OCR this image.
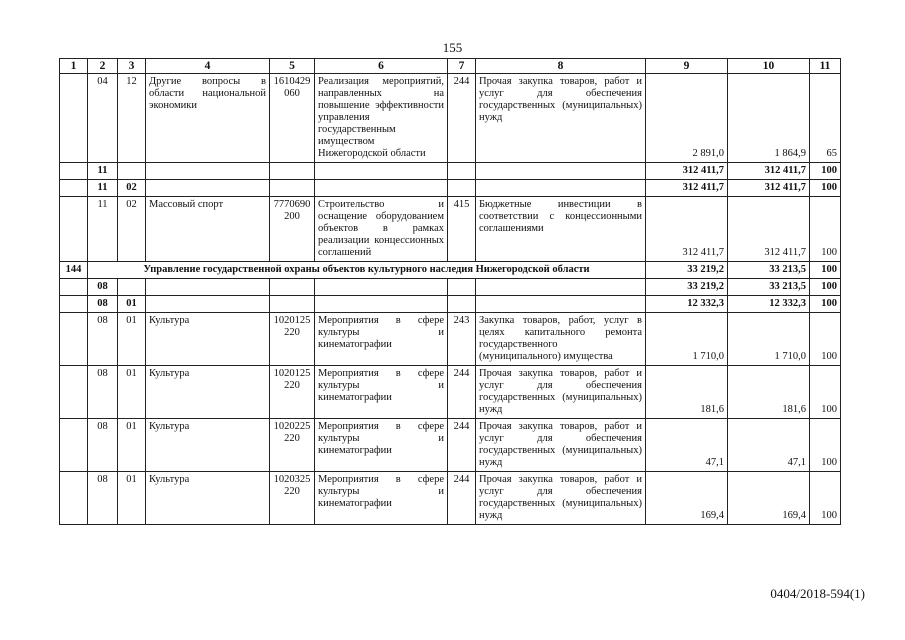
155
1	2	3	4	5	6	7	8	9	10	11
	04	12	Другие вопросы в области национальной экономики	1610429060	Реализация мероприятий, направленных на повышение эффективности управления государственным имуществом Нижегородской области	244	Прочая закупка товаров, работ и услуг для обеспечения государственных (муниципальных) нужд	2 891,0	1 864,9	65
	11							312 411,7	312 411,7	100
	11	02						312 411,7	312 411,7	100
	11	02	Массовый спорт	7770690200	Строительство и оснащение оборудованием объектов в рамках реализации концессионных соглашений	415	Бюджетные инвестиции в соответствии с концессионными соглашениями	312 411,7	312 411,7	100
144	Управление государственной охраны объектов культурного наследия Нижегородской области							33 219,2	33 213,5	100
	08							33 219,2	33 213,5	100
	08	01						12 332,3	12 332,3	100
	08	01	Культура	1020125220	Мероприятия в сфере культуры и кинематографии	243	Закупка товаров, работ, услуг в целях капитального ремонта государственного (муниципального) имущества	1 710,0	1 710,0	100
	08	01	Культура	1020125220	Мероприятия в сфере культуры и кинематографии	244	Прочая закупка товаров, работ и услуг для обеспечения государственных (муниципальных) нужд	181,6	181,6	100
	08	01	Культура	1020225220	Мероприятия в сфере культуры и кинематографии	244	Прочая закупка товаров, работ и услуг для обеспечения государственных (муниципальных) нужд	47,1	47,1	100
	08	01	Культура	1020325220	Мероприятия в сфере культуры и кинематографии	244	Прочая закупка товаров, работ и услуг для обеспечения государственных (муниципальных) нужд	169,4	169,4	100
0404/2018-594(1)
